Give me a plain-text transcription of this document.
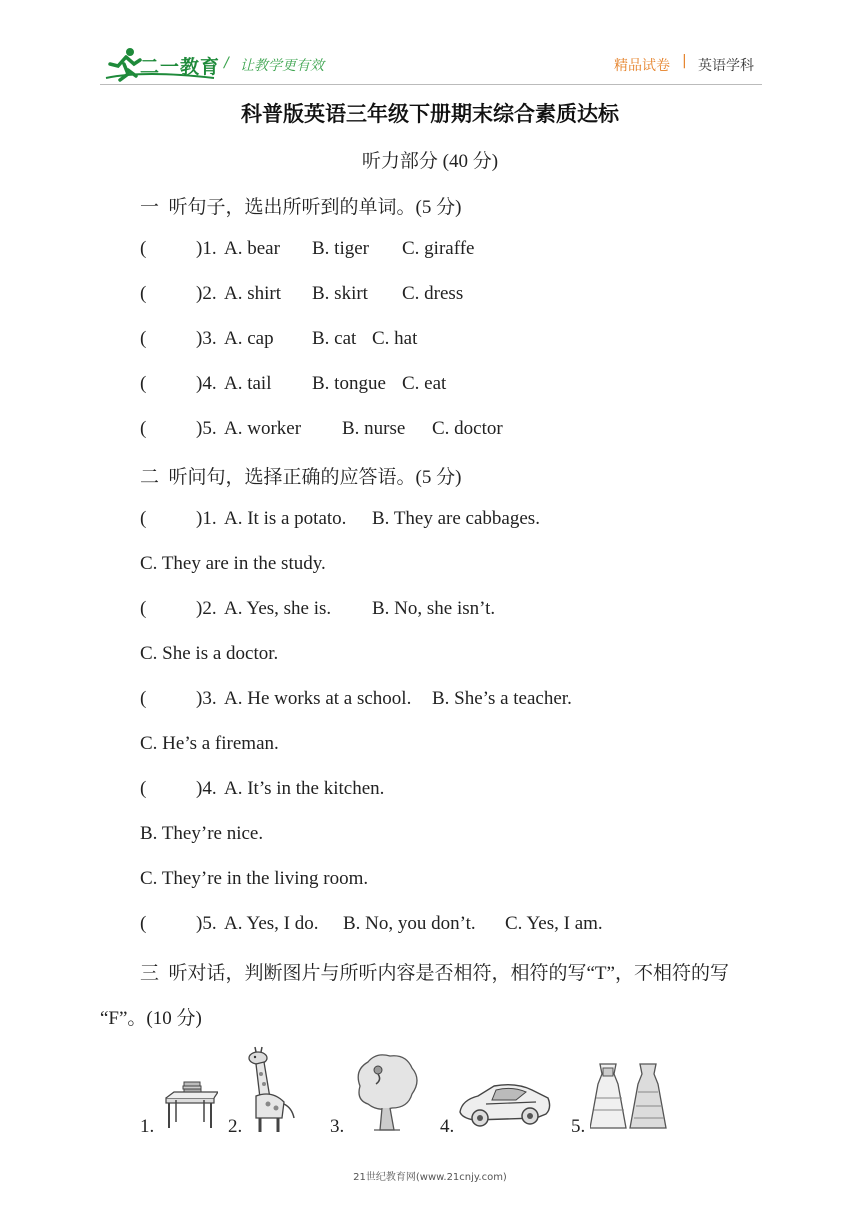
二一教育 / 让教学更有效	精品试卷 | 英语学科
科普版英语三年级下册期末综合素质达标
听力部分 (40 分)
一  听句子，选出所听到的单词。(5 分)
(	)1. A. bear B. tiger C. giraffe
(	)2. A. shirt B. skirt C. dress
(	)3. A. cap B. cat C. hat
(	)4. A. tail B. tongue C. eat
(	)5. A. worker B. nurse C. doctor
二  听问句，选择正确的应答语。(5 分)
(	)1. A. It is a potato. B. They are cabbages.
C. They are in the study.
(	)2. A. Yes, she is. B. No, she isn’t.
C. She is a doctor.
(	)3. A. He works at a school. B. She’s a teacher.
C. He’s a fireman.
(	)4. A. It’s in the kitchen.
B. They’re nice.
C. They’re in the living room.
(	)5. A. Yes, I do. B. No, you don’t. C. Yes, I am.
三  听对话，判断图片与所听内容是否相符，相符的写“T”，不相符的写
“F”。(10 分)
1.	2.	3.	4.	5.
21世纪教育网(www.21cnjy.com)
